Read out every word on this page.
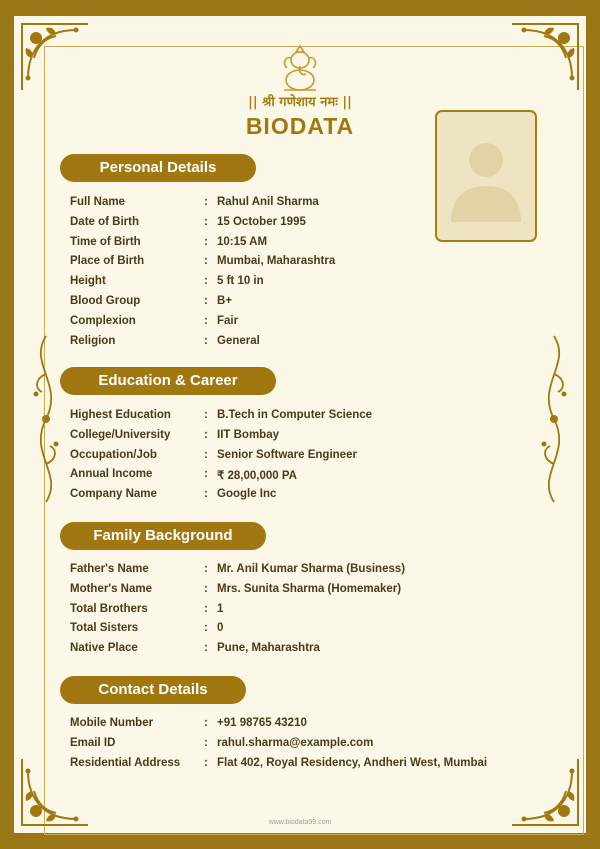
|| श्री गणेशाय नमः ||
BIODATA
Personal Details
Full Name	: Rahul Anil Sharma
Date of Birth	: 15 October 1995
Time of Birth	: 10:15 AM
Place of Birth	: Mumbai, Maharashtra
Height	: 5 ft 10 in
Blood Group	: B+
Complexion	: Fair
Religion	: General
Education & Career
Highest Education	: B.Tech in Computer Science
College/University	: IIT Bombay
Occupation/Job	: Senior Software Engineer
Annual Income	: ₹ 28,00,000 PA
Company Name	: Google Inc
Family Background
Father's Name	: Mr. Anil Kumar Sharma (Business)
Mother's Name	: Mrs. Sunita Sharma (Homemaker)
Total Brothers	: 1
Total Sisters	: 0
Native Place	: Pune, Maharashtra
Contact Details
Mobile Number	: +91 98765 43210
Email ID	: rahul.sharma@example.com
Residential Address : Flat 402, Royal Residency, Andheri West, Mumbai
www.biodata99.com
